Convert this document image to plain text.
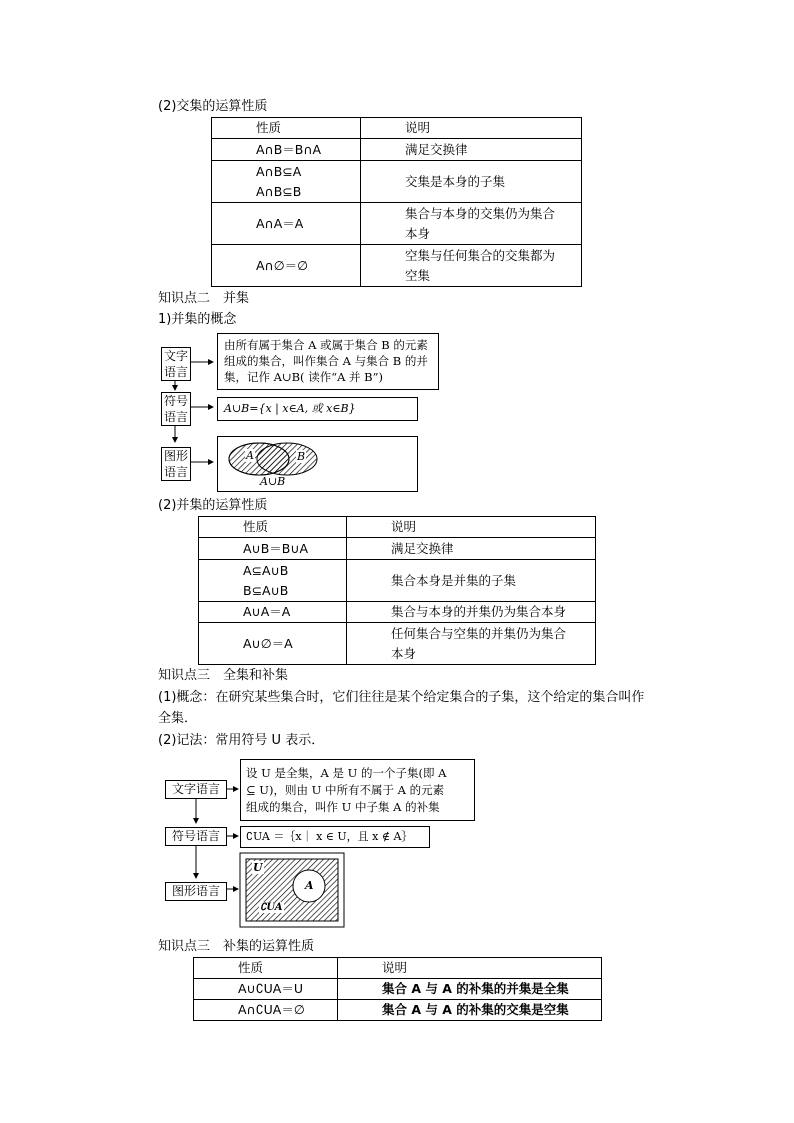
(2)交集的运算性质
性质	说明
A∩B＝B∩A	满足交换律

A∩B⊆A
A∩B⊆B	交集是本身的子集
A∩A＝A	集合与本身的交集仍为集合
本身

A∩∅＝∅	空集与任何集合的交集都为
空集
知识点二　并集
1)并集的概念
文字
语言
由所有属于集合 A 或属于集合 B 的元素
组成的集合，叫作集合 A 与集合 B 的并
集，记作 A∪B( 读作“A 并 B”)
符号
语言
A∪B={x | x∈A, 或 x∈B}
图形
语言
A	B
A∪B
(2)并集的运算性质
性质	说明
A∪B＝B∪A	满足交换律

A⊆A∪B
B⊆A∪B	集合本身是并集的子集
A∪A＝A	集合与本身的并集仍为集合本身
A∪∅＝A	任何集合与空集的并集仍为集合
本身
知识点三　全集和补集
(1)概念：在研究某些集合时，它们往往是某个给定集合的子集，这个给定的集合叫作
全集．
(2)记法：常用符号 U 表示．
文字语言
设 U 是全集，A 是 U 的一个子集(即 A
⊆ U)，则由 U 中所有不属于 A 的元素
组成的集合，叫作 U 中子集 A 的补集
符号语言	∁UA ＝｛x｜ x ∈ U，且 x ∉ A｝
图形语言
U
A
∁UA
知识点三　补集的运算性质
性质	说明
A∪∁UA＝U	集合 A 与 A 的补集的并集是全集
A∩∁UA＝∅	集合 A 与 A 的补集的交集是空集
